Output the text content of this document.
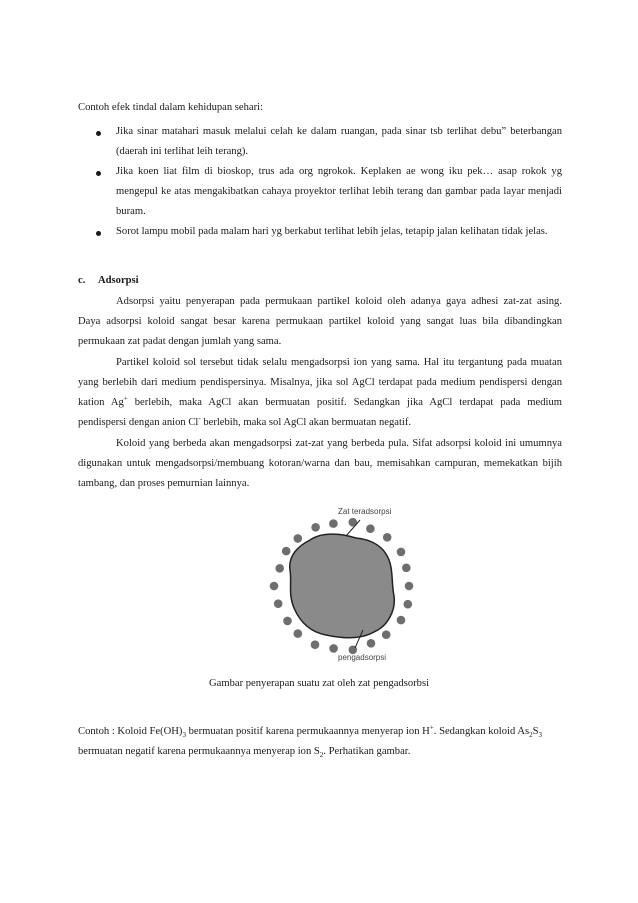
Contoh efek tindal dalam kehidupan sehari:
Jika sinar matahari masuk melalui celah ke dalam ruangan, pada sinar tsb terlihat debu” beterbangan
(daerah ini terlihat leih terang).
Jika koen liat film di bioskop, trus ada org ngrokok. Keplaken ae wong iku pek… asap rokok yg
mengepul ke atas mengakibatkan cahaya proyektor terlihat lebih terang dan gambar pada layar menjadi
buram.
Sorot lampu mobil pada malam hari yg berkabut terlihat lebih jelas, tetapip jalan kelihatan tidak jelas.
c. Adsorpsi
Adsorpsi yaitu penyerapan pada permukaan partikel koloid oleh adanya gaya adhesi zat-zat asing.
Daya adsorpsi koloid sangat besar karena permukaan partikel koloid yang sangat luas bila dibandingkan
permukaan zat padat dengan jumlah yang sama.
Partikel koloid sol tersebut tidak selalu mengadsorpsi ion yang sama. Hal itu tergantung pada muatan
yang berlebih dari medium pendispersinya. Misalnya, jika sol AgCl terdapat pada medium pendispersi dengan
kation Ag+ berlebih, maka AgCl akan bermuatan positif. Sedangkan jika AgCl terdapat pada medium
pendispersi dengan anion Cl- berlebih, maka sol AgCl akan bermuatan negatif.
Koloid yang berbeda akan mengadsorpsi zat-zat yang berbeda pula. Sifat adsorpsi koloid ini umumnya
digunakan untuk mengadsorpsi/membuang kotoran/warna dan bau, memisahkan campuran, memekatkan bijih
tambang, dan proses pemurnian lainnya.
Zat teradsorpsi
pengadsorpsi
Gambar penyerapan suatu zat oleh zat pengadsorbsi
Contoh : Koloid $Fe(OH)_3$ bermuatan positif karena permukaannya menyerap ion H+. Sedangkan koloid $As_2S_3$
bermuatan negatif karena permukaannya menyerap ion $S_2$. Perhatikan gambar.
